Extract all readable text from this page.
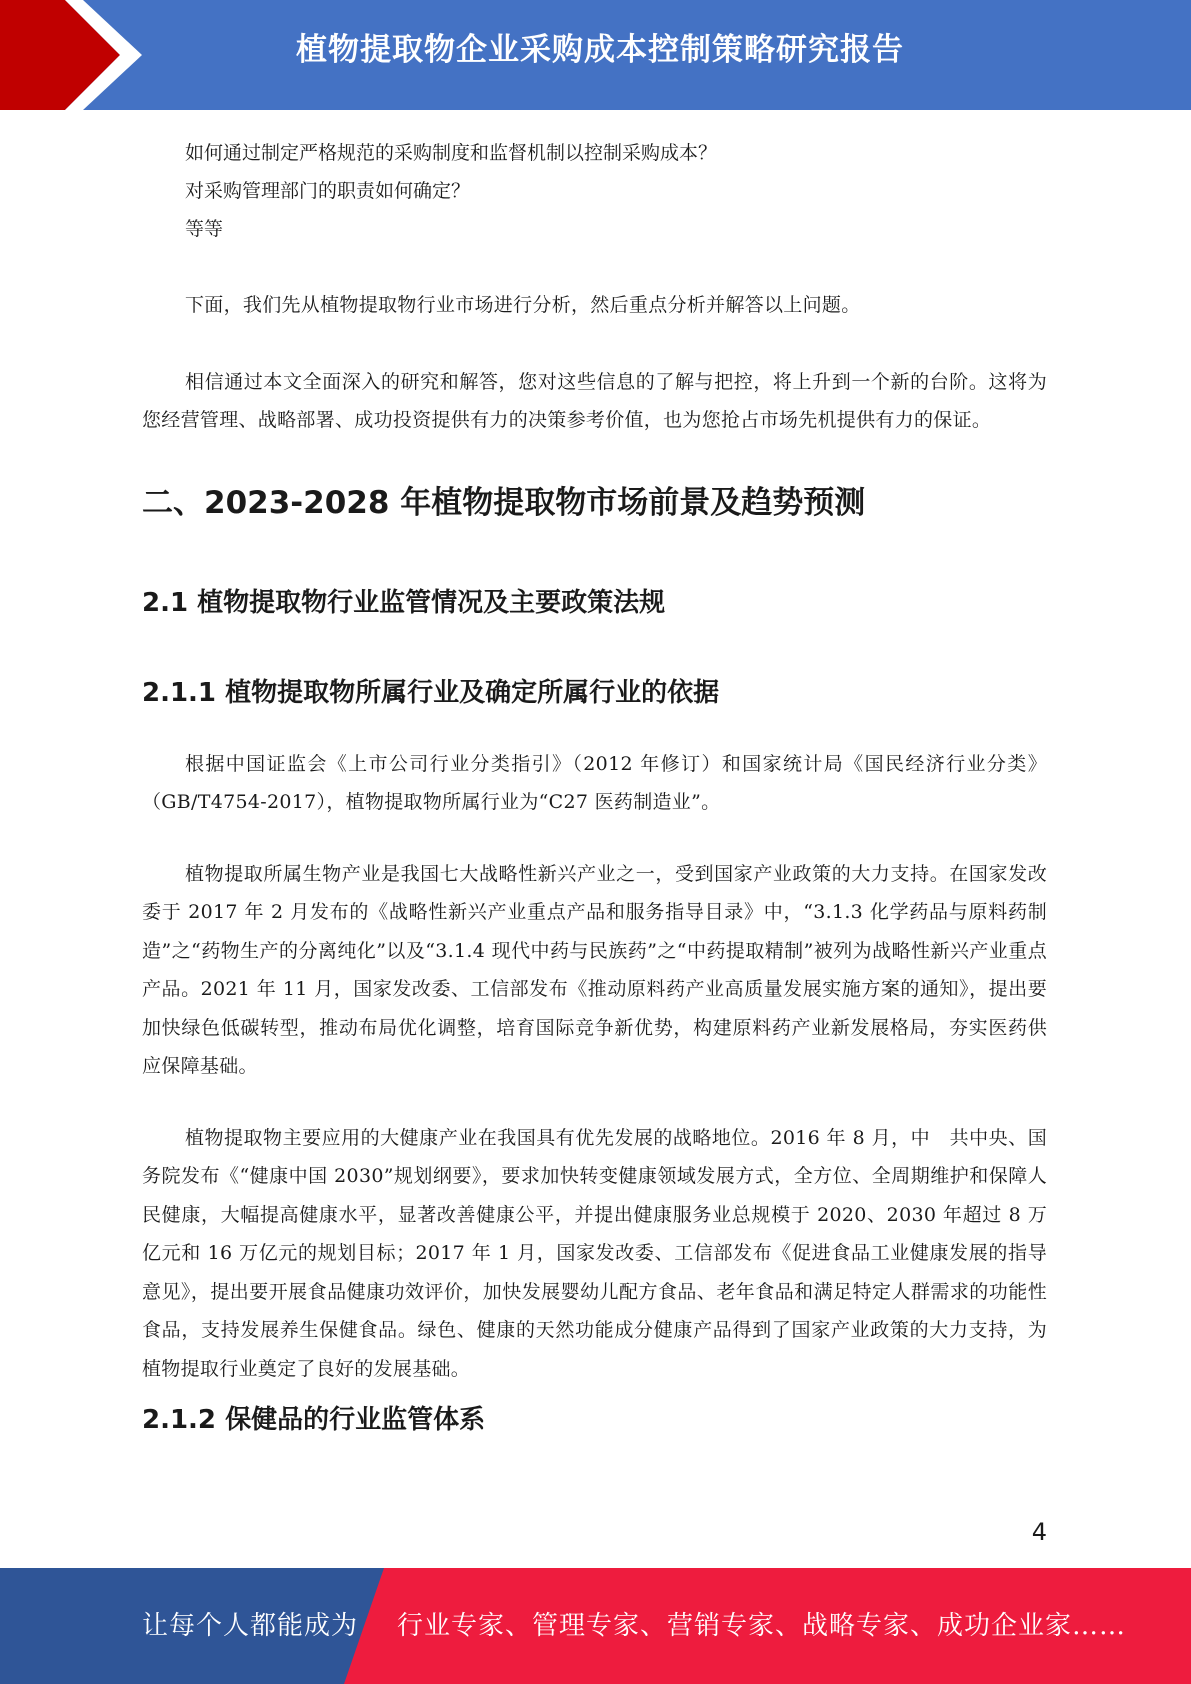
植物提取物企业采购成本控制策略研究报告

如何通过制定严格规范的采购制度和监督机制以控制采购成本？

对采购管理部门的职责如何确定？

等等

下面，我们先从植物提取物行业市场进行分析，然后重点分析并解答以上问题。

相信通过本文全面深入的研究和解答，您对这些信息的了解与把控，将上升到一个新的台阶。这将为您经营管理、战略部署、成功投资提供有力的决策参考价值，也为您抢占市场先机提供有力的保证。

二、2023-2028 年植物提取物市场前景及趋势预测
2.1 植物提取物行业监管情况及主要政策法规
2.1.1 植物提取物所属行业及确定所属行业的依据

根据中国证监会《上市公司行业分类指引》（2012 年修订）和国家统计局《国民经济行业分类》（GB/T4754-2017），植物提取物所属行业为“C27 医药制造业”。

植物提取所属生物产业是我国七大战略性新兴产业之一，受到国家产业政策的大力支持。在国家发改委于 2017 年 2 月发布的《战略性新兴产业重点产品和服务指导目录》中，“3.1.3 化学药品与原料药制造”之“药物生产的分离纯化”以及“3.1.4 现代中药与民族药”之“中药提取精制”被列为战略性新兴产业重点产品。2021 年 11 月，国家发改委、工信部发布《推动原料药产业高质量发展实施方案的通知》，提出要加快绿色低碳转型，推动布局优化调整，培育国际竞争新优势，构建原料药产业新发展格局，夯实医药供应保障基础。

植物提取物主要应用的大健康产业在我国具有优先发展的战略地位。2016 年 8 月，中　共中央、国务院发布《“健康中国 2030”规划纲要》，要求加快转变健康领域发展方式，全方位、全周期维护和保障人民健康，大幅提高健康水平，显著改善健康公平，并提出健康服务业总规模于 2020、2030 年超过 8 万亿元和 16 万亿元的规划目标；2017 年 1 月，国家发改委、工信部发布《促进食品工业健康发展的指导意见》，提出要开展食品健康功效评价，加快发展婴幼儿配方食品、老年食品和满足特定人群需求的功能性食品，支持发展养生保健食品。绿色、健康的天然功能成分健康产品得到了国家产业政策的大力支持，为植物提取行业奠定了良好的发展基础。

2.1.2 保健品的行业监管体系
4
让每个人都能成为 行业专家、管理专家、营销专家、战略专家、成功企业家……
